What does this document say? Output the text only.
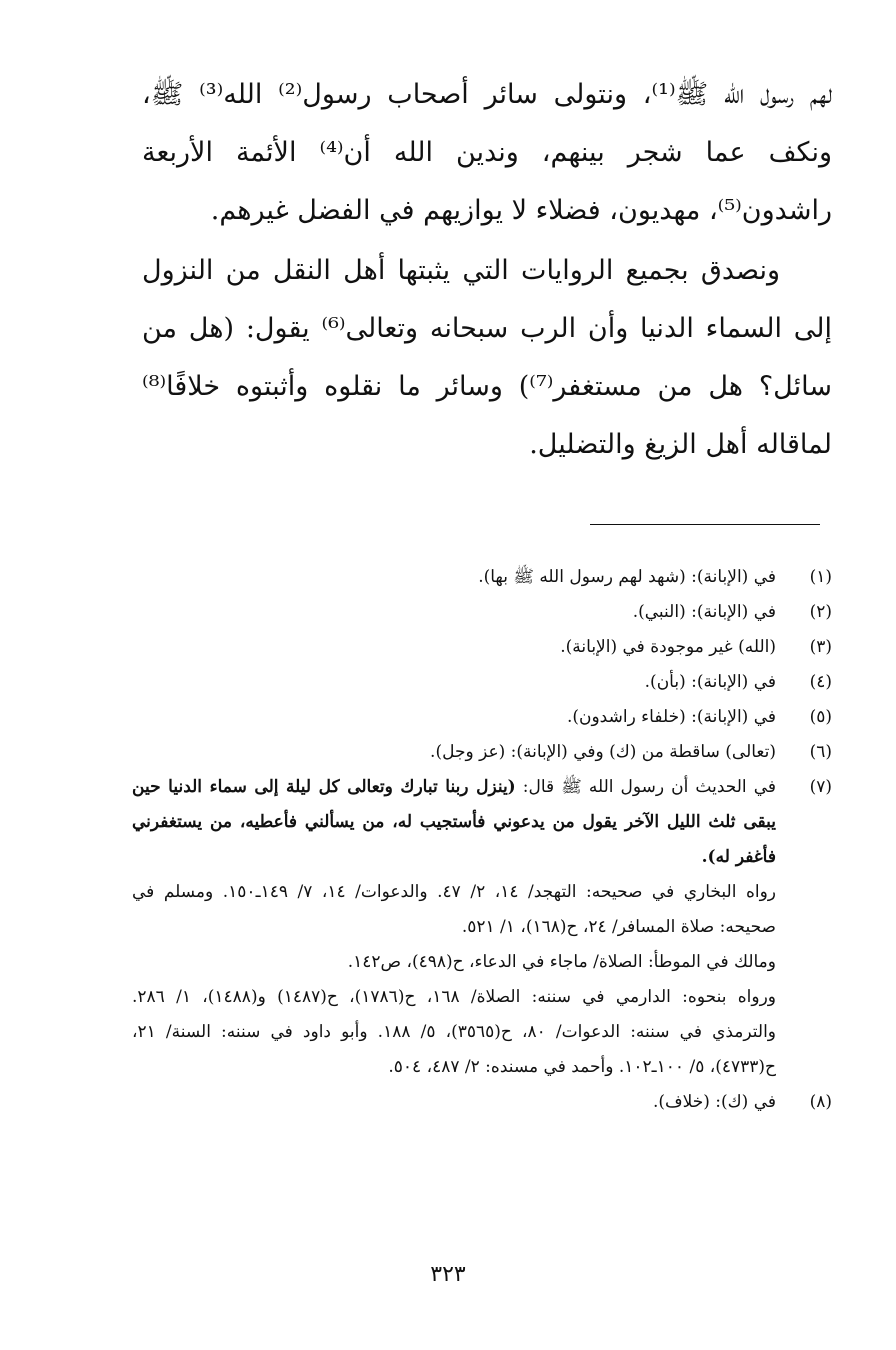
لهم رسول الله ﷺ⁽¹⁾، ونتولى سائر أصحاب رسول⁽²⁾ الله⁽³⁾ ﷺ، ونكف عما شجر بينهم، وندين الله أن⁽⁴⁾ الأئمة الأربعة راشدون⁽⁵⁾، مهديون، فضلاء لا يوازيهم في الفضل غيرهم.

ونصدق بجميع الروايات التي يثبتها أهل النقل من النزول إلى السماء الدنيا وأن الرب سبحانه وتعالى⁽⁶⁾ يقول: (هل من سائل؟ هل من مستغفر⁽⁷⁾) وسائر ما نقلوه وأثبتوه خلافًا⁽⁸⁾ لماقاله أهل الزيغ والتضليل.

(١)
في (الإبانة): (شهد لهم رسول الله ﷺ بها).
(٢)
في (الإبانة): (النبي).
(٣)
(الله) غير موجودة في (الإبانة).
(٤)
في (الإبانة): (بأن).
(٥)
في (الإبانة): (خلفاء راشدون).
(٦)
(تعالى) ساقطة من (ك) وفي (الإبانة): (عز وجل).
(٧)
في الحديث أن رسول الله ﷺ قال: (ينزل ربنا تبارك وتعالى كل ليلة إلى سماء الدنيا حين يبقى ثلث الليل الآخر يقول من يدعوني فأستجيب له، من يسألني فأعطيه، من يستغفرني فأغفر له).
رواه البخاري في صحيحه: التهجد/ ١٤، ٢/ ٤٧. والدعوات/ ١٤، ٧/ ١٤٩ـ١٥٠. ومسلم في صحيحه: صلاة المسافر/ ٢٤، ح(١٦٨)، ١/ ٥٢١.
ومالك في الموطأ: الصلاة/ ماجاء في الدعاء، ح(٤٩٨)، ص١٤٢.
ورواه بنحوه: الدارمي في سننه: الصلاة/ ١٦٨، ح(١٧٨٦)، ح(١٤٨٧) و(١٤٨٨)، ١/ ٢٨٦. والترمذي في سننه: الدعوات/ ٨٠، ح(٣٥٦٥)، ٥/ ١٨٨. وأبو داود في سننه: السنة/ ٢١، ح(٤٧٣٣)، ٥/ ١٠٠ـ١٠٢. وأحمد في مسنده: ٢/ ٤٨٧، ٥٠٤.
(٨)
في (ك): (خلاف).
٣٢٣
